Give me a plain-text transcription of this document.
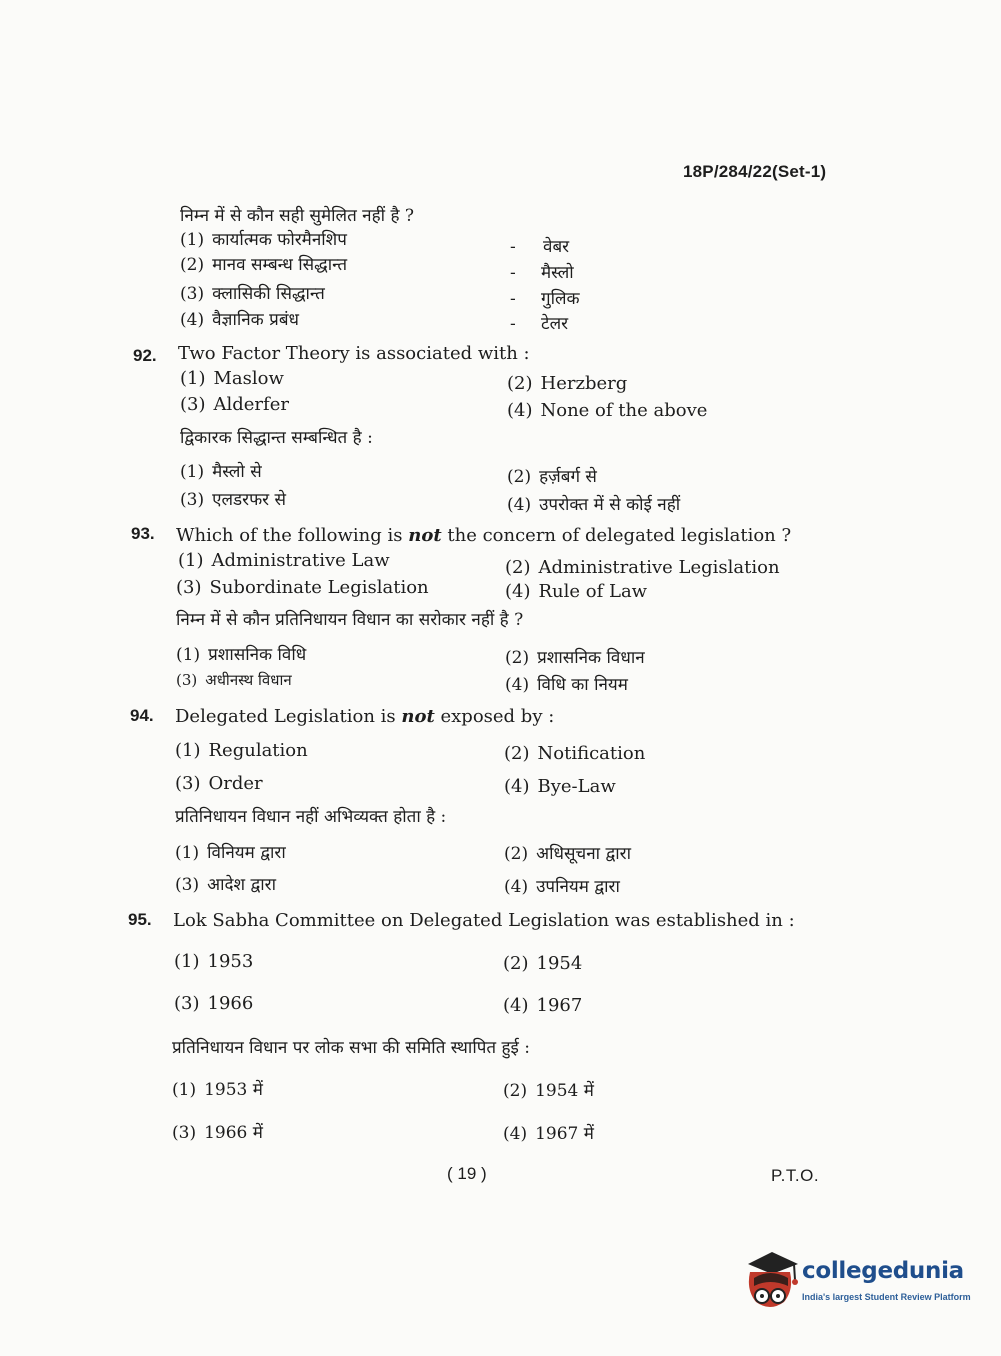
18P/284/22(Set-1)
निम्न में से कौन सही सुमेलित नहीं है ?
(1) कार्यात्मक फोरमैनशिप	- वेबर
(2) मानव सम्बन्ध सिद्धान्त	- मैस्लो
(3) क्लासिकी सिद्धान्त	- गुलिक
(4) वैज्ञानिक प्रबंध	- टेलर
92. Two Factor Theory is associated with :
(1) Maslow	(2) Herzberg
(3) Alderfer	(4) None of the above
द्विकारक सिद्धान्त सम्बन्धित है :
(1) मैस्लो से	(2) हर्ज़बर्ग से
(3) एलडरफर से	(4) उपरोक्त में से कोई नहीं
93. Which of the following is not the concern of delegated legislation ?
(1) Administrative Law	(2) Administrative Legislation
(3) Subordinate Legislation	(4) Rule of Law
निम्न में से कौन प्रतिनिधायन विधान का सरोकार नहीं है ?
(1) प्रशासनिक विधि	(2) प्रशासनिक विधान
(3) अधीनस्थ विधान	(4) विधि का नियम
94. Delegated Legislation is not exposed by :
(1) Regulation	(2) Notification
(3) Order	(4) Bye-Law
प्रतिनिधायन विधान नहीं अभिव्यक्त होता है :
(1) विनियम द्वारा	(2) अधिसूचना द्वारा
(3) आदेश द्वारा	(4) उपनियम द्वारा
95. Lok Sabha Committee on Delegated Legislation was established in :
(1) 1953	(2) 1954
(3) 1966	(4) 1967
प्रतिनिधायन विधान पर लोक सभा की समिति स्थापित हुई :
(1) 1953 में	(2) 1954 में
(3) 1966 में	(4) 1967 में
( 19 )	P.T.O.
collegedunia
India's largest Student Review Platform
